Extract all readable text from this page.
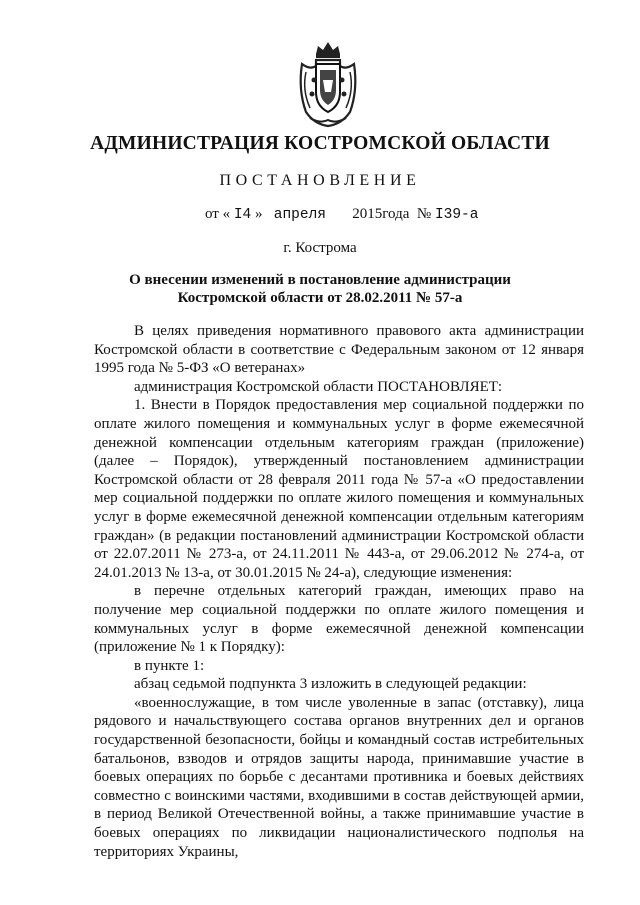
АДМИНИСТРАЦИЯ КОСТРОМСКОЙ ОБЛАСТИ
ПОСТАНОВЛЕНИЕ
от « I4 » апреля 2015года № I39-а
г. Кострома
О внесении изменений в постановление администрации
Костромской области от 28.02.2011 № 57-а

В целях приведения нормативного правового акта администрации Костромской области в соответствие с Федеральным законом от 12 января 1995 года № 5-ФЗ «О ветеранах»

администрация Костромской области ПОСТАНОВЛЯЕТ:

1. Внести в Порядок предоставления мер социальной поддержки по оплате жилого помещения и коммунальных услуг в форме ежемесячной денежной компенсации отдельным категориям граждан (приложение) (далее – Порядок), утвержденный постановлением администрации Костромской области от 28 февраля 2011 года № 57-а «О предоставлении мер социальной поддержки по оплате жилого помещения и коммунальных услуг в форме ежемесячной денежной компенсации отдельным категориям граждан» (в редакции постановлений администрации Костромской области от 22.07.2011 № 273-а, от 24.11.2011 № 443-а, от 29.06.2012 № 274-а, от 24.01.2013 № 13-а, от 30.01.2015 № 24-а), следующие изменения:

в перечне отдельных категорий граждан, имеющих право на получение мер социальной поддержки по оплате жилого помещения и коммунальных услуг в форме ежемесячной денежной компенсации (приложение № 1 к Порядку):

в пункте 1:

абзац седьмой подпункта 3 изложить в следующей редакции:

«военнослужащие, в том числе уволенные в запас (отставку), лица рядового и начальствующего состава органов внутренних дел и органов государственной безопасности, бойцы и командный состав истребительных батальонов, взводов и отрядов защиты народа, принимавшие участие в боевых операциях по борьбе с десантами противника и боевых действиях совместно с воинскими частями, входившими в состав действующей армии, в период Великой Отечественной войны, а также принимавшие участие в боевых операциях по ликвидации националистического подполья на территориях Украины,
